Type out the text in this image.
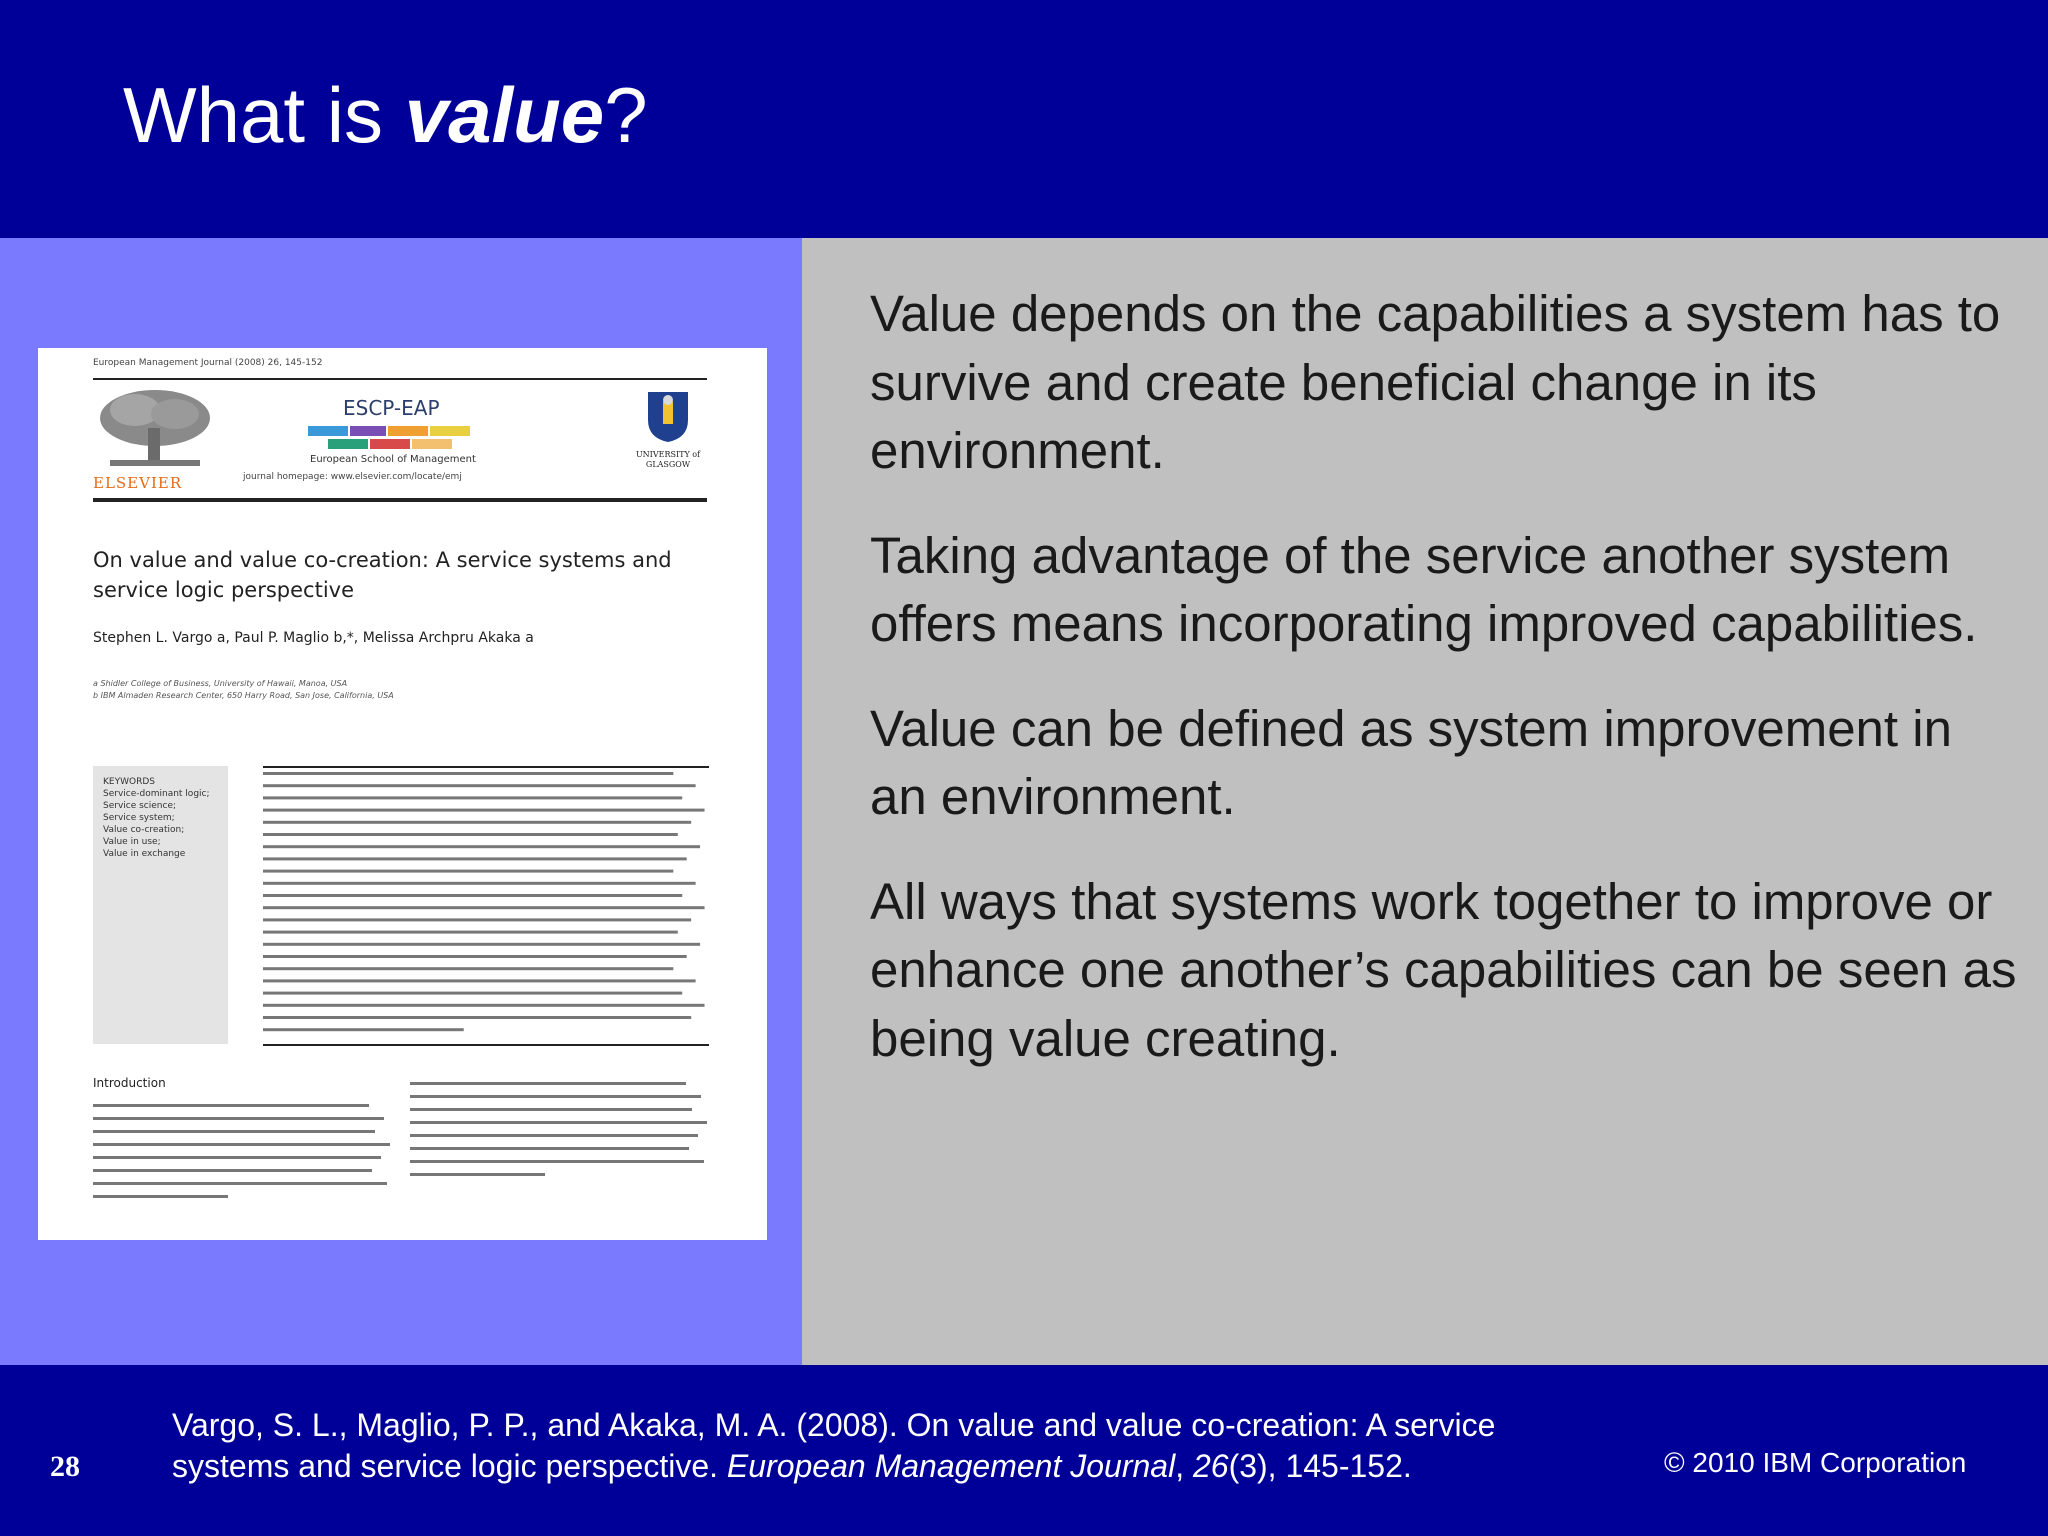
What is value?
European Management Journal (2008) 26, 145-152
ELSEVIER
ESCP-EAP
European School of Management
journal homepage: www.elsevier.com/locate/emj
UNIVERSITY of GLASGOW
On value and value co-creation: A service systems and service logic perspective
Stephen L. Vargo a, Paul P. Maglio b,*, Melissa Archpru Akaka a
a Shidler College of Business, University of Hawaii, Manoa, USA
b IBM Almaden Research Center, 650 Harry Road, San Jose, California, USA
KEYWORDS
Service-dominant logic;
Service science;
Service system;
Value co-creation;
Value in use;
Value in exchange
Introduction

Value depends on the capabilities a system has to survive and create beneficial change in its environment.

Taking advantage of the service another system offers means incorporating improved capabilities.

Value can be defined as system improvement in an environment.

All ways that systems work together to improve or enhance one another’s capabilities can be seen as being value creating.

28
Vargo, S. L., Maglio, P. P., and Akaka, M. A. (2008). On value and value co-creation: A service
systems and service logic perspective. European Management Journal, 26(3), 145-152.	© 2010 IBM Corporation
